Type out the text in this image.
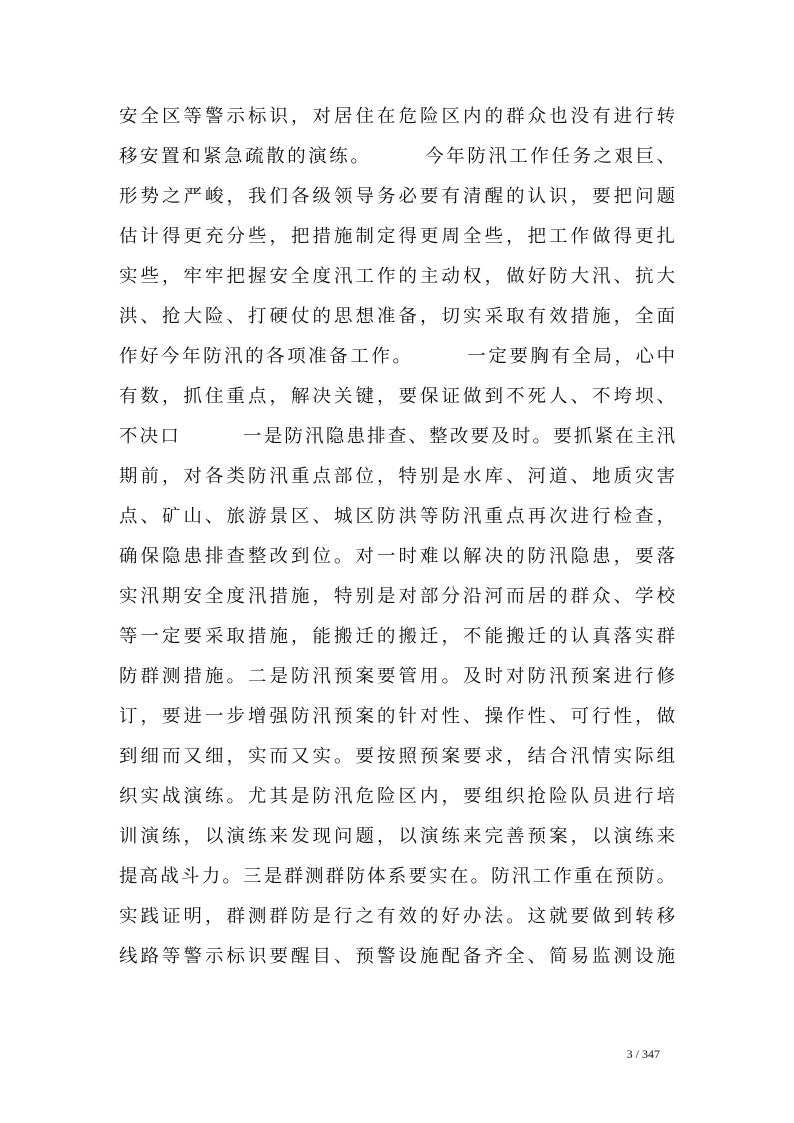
安全区等警示标识，对居住在危险区内的群众也没有进行转
移安置和紧急疏散的演练。　　　今年防汛工作任务之艰巨、
形势之严峻，我们各级领导务必要有清醒的认识，要把问题
估计得更充分些，把措施制定得更周全些，把工作做得更扎
实些，牢牢把握安全度汛工作的主动权，做好防大汛、抗大
洪、抢大险、打硬仗的思想准备，切实采取有效措施，全面
作好今年防汛的各项准备工作。　　　一定要胸有全局，心中
有数，抓住重点，解决关键，要保证做到不死人、不垮坝、
不决口　　　一是防汛隐患排查、整改要及时。要抓紧在主汛
期前，对各类防汛重点部位，特别是水库、河道、地质灾害
点、矿山、旅游景区、城区防洪等防汛重点再次进行检查，
确保隐患排查整改到位。对一时难以解决的防汛隐患，要落
实汛期安全度汛措施，特别是对部分沿河而居的群众、学校
等一定要采取措施，能搬迁的搬迁，不能搬迁的认真落实群
防群测措施。二是防汛预案要管用。及时对防汛预案进行修
订，要进一步增强防汛预案的针对性、操作性、可行性，做
到细而又细，实而又实。要按照预案要求，结合汛情实际组
织实战演练。尤其是防汛危险区内，要组织抢险队员进行培
训演练，以演练来发现问题，以演练来完善预案，以演练来
提高战斗力。三是群测群防体系要实在。防汛工作重在预防。
实践证明，群测群防是行之有效的好办法。这就要做到转移
线路等警示标识要醒目、预警设施配备齐全、简易监测设施
3 / 347
